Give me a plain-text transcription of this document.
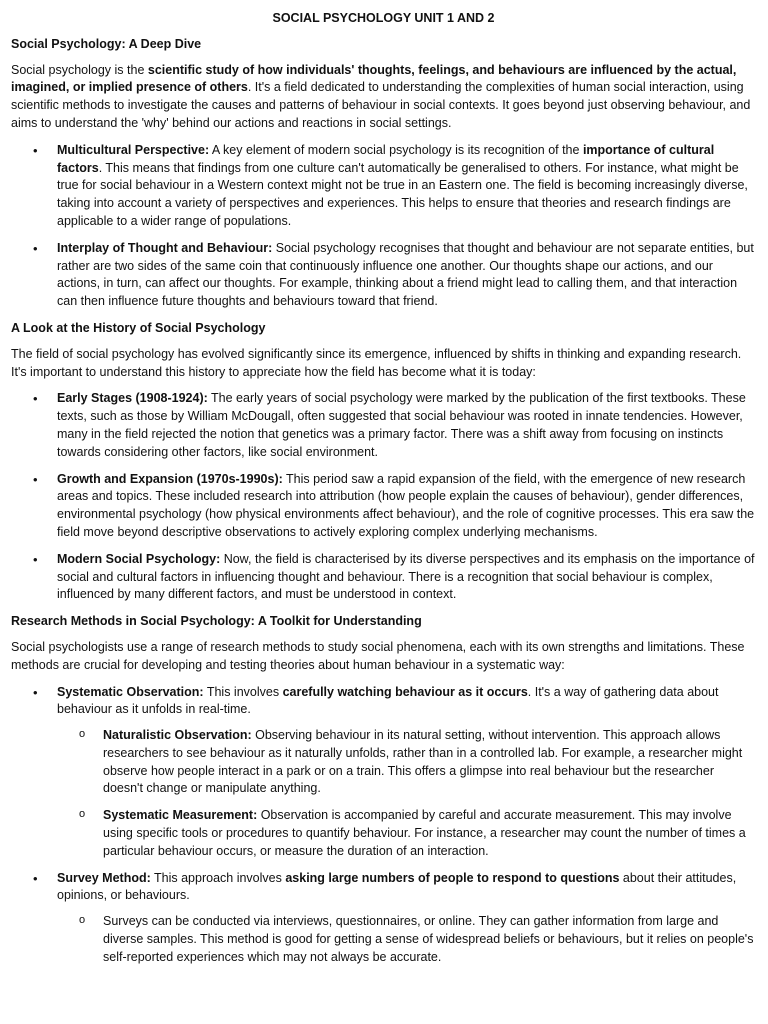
SOCIAL PSYCHOLOGY UNIT 1 AND 2
Social Psychology: A Deep Dive

Social psychology is the scientific study of how individuals' thoughts, feelings, and behaviours are influenced by the actual, imagined, or implied presence of others. It's a field dedicated to understanding the complexities of human social interaction, using scientific methods to investigate the causes and patterns of behaviour in social contexts. It goes beyond just observing behaviour, and aims to understand the 'why' behind our actions and reactions in social settings.

• Multicultural Perspective: A key element of modern social psychology is its recognition of the importance of cultural factors. This means that findings from one culture can't automatically be generalised to others. For instance, what might be true for social behaviour in a Western context might not be true in an Eastern one. The field is becoming increasingly diverse, taking into account a variety of perspectives and experiences. This helps to ensure that theories and research findings are applicable to a wider range of populations.
• Interplay of Thought and Behaviour: Social psychology recognises that thought and behaviour are not separate entities, but rather are two sides of the same coin that continuously influence one another. Our thoughts shape our actions, and our actions, in turn, can affect our thoughts. For example, thinking about a friend might lead to calling them, and that interaction can then influence future thoughts and behaviours toward that friend.
A Look at the History of Social Psychology

The field of social psychology has evolved significantly since its emergence, influenced by shifts in thinking and expanding research. It's important to understand this history to appreciate how the field has become what it is today:

• Early Stages (1908-1924): The early years of social psychology were marked by the publication of the first textbooks. These texts, such as those by William McDougall, often suggested that social behaviour was rooted in innate tendencies. However, many in the field rejected the notion that genetics was a primary factor. There was a shift away from focusing on instincts towards considering other factors, like social environment.
• Growth and Expansion (1970s-1990s): This period saw a rapid expansion of the field, with the emergence of new research areas and topics. These included research into attribution (how people explain the causes of behaviour), gender differences, environmental psychology (how physical environments affect behaviour), and the role of cognitive processes. This era saw the field move beyond descriptive observations to actively exploring complex underlying mechanisms.
• Modern Social Psychology: Now, the field is characterised by its diverse perspectives and its emphasis on the importance of social and cultural factors in influencing thought and behaviour. There is a recognition that social behaviour is complex, influenced by many different factors, and must be understood in context.
Research Methods in Social Psychology: A Toolkit for Understanding

Social psychologists use a range of research methods to study social phenomena, each with its own strengths and limitations. These methods are crucial for developing and testing theories about human behaviour in a systematic way:

• Systematic Observation: This involves carefully watching behaviour as it occurs. It's a way of gathering data about behaviour as it unfolds in real-time.
o Naturalistic Observation: Observing behaviour in its natural setting, without intervention. This approach allows researchers to see behaviour as it naturally unfolds, rather than in a controlled lab. For example, a researcher might observe how people interact in a park or on a train. This offers a glimpse into real behaviour but the researcher doesn't change or manipulate anything.
o Systematic Measurement: Observation is accompanied by careful and accurate measurement. This may involve using specific tools or procedures to quantify behaviour. For instance, a researcher may count the number of times a particular behaviour occurs, or measure the duration of an interaction.
• Survey Method: This approach involves asking large numbers of people to respond to questions about their attitudes, opinions, or behaviours.
o Surveys can be conducted via interviews, questionnaires, or online. They can gather information from large and diverse samples. This method is good for getting a sense of widespread beliefs or behaviours, but it relies on people's self-reported experiences which may not always be accurate.
